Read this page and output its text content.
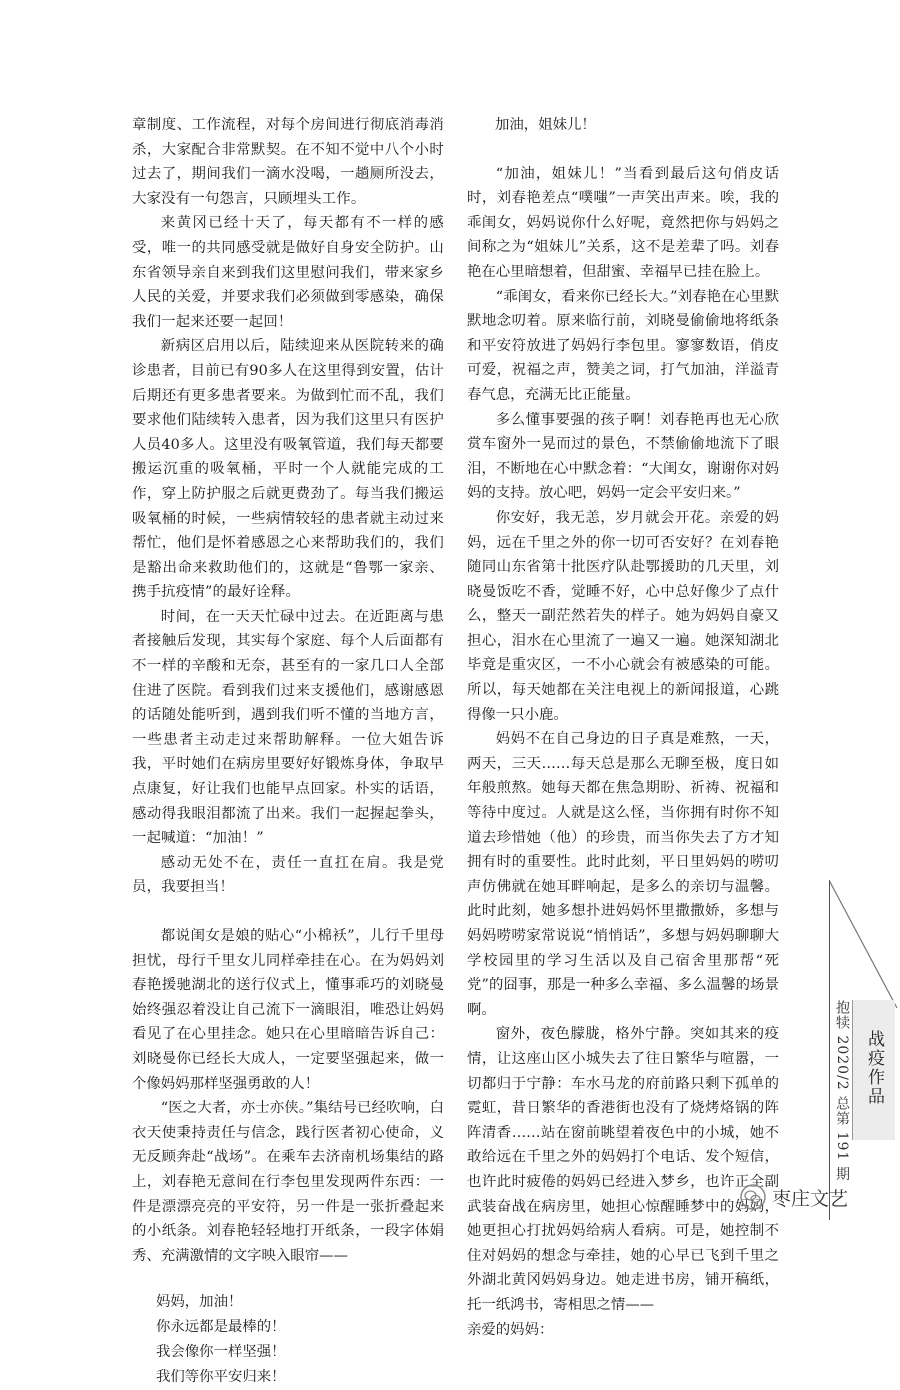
章制度、工作流程，对每个房间进行彻底消毒消杀，大家配合非常默契。在不知不觉中八个小时过去了，期间我们一滴水没喝，一趟厕所没去，大家没有一句怨言，只顾埋头工作。

来黄冈已经十天了，每天都有不一样的感受，唯一的共同感受就是做好自身安全防护。山东省领导亲自来到我们这里慰问我们，带来家乡人民的关爱，并要求我们必须做到零感染，确保我们一起来还要一起回！

新病区启用以后，陆续迎来从医院转来的确诊患者，目前已有90多人在这里得到安置，估计后期还有更多患者要来。为做到忙而不乱，我们要求他们陆续转入患者，因为我们这里只有医护人员40多人。这里没有吸氧管道，我们每天都要搬运沉重的吸氧桶，平时一个人就能完成的工作，穿上防护服之后就更费劲了。每当我们搬运吸氧桶的时候，一些病情较轻的患者就主动过来帮忙，他们是怀着感恩之心来帮助我们的，我们是豁出命来救助他们的，这就是“鲁鄂一家亲、携手抗疫情”的最好诠释。

时间，在一天天忙碌中过去。在近距离与患者接触后发现，其实每个家庭、每个人后面都有不一样的辛酸和无奈，甚至有的一家几口人全部住进了医院。看到我们过来支援他们，感谢感恩的话随处能听到，遇到我们听不懂的当地方言，一些患者主动走过来帮助解释。一位大姐告诉我，平时她们在病房里要好好锻炼身体，争取早点康复，好让我们也能早点回家。朴实的话语，感动得我眼泪都流了出来。我们一起握起拳头，一起喊道：“加油！”

感动无处不在，责任一直扛在肩。我是党员，我要担当！

都说闺女是娘的贴心“小棉袄”，儿行千里母担忧，母行千里女儿同样牵挂在心。在为妈妈刘春艳援驰湖北的送行仪式上，懂事乖巧的刘晓曼始终强忍着没让自己流下一滴眼泪，唯恐让妈妈看见了在心里挂念。她只在心里暗暗告诉自己：刘晓曼你已经长大成人，一定要坚强起来，做一个像妈妈那样坚强勇敢的人！

“医之大者，亦士亦侠。”集结号已经吹响，白衣天使秉持责任与信念，践行医者初心使命，义无反顾奔赴“战场”。在乘车去济南机场集结的路上，刘春艳无意间在行李包里发现两件东西：一件是漂漂亮亮的平安符，另一件是一张折叠起来的小纸条。刘春艳轻轻地打开纸条，一段字体娟秀、充满激情的文字映入眼帘——

妈妈，加油！
你永远都是最棒的！
我会像你一样坚强！
我们等你平安归来！

加油，姐妹儿！

“加油，姐妹儿！”当看到最后这句俏皮话时，刘春艳差点“噗嗤”一声笑出声来。唉，我的乖闺女，妈妈说你什么好呢，竟然把你与妈妈之间称之为“姐妹儿”关系，这不是差辈了吗。刘春艳在心里暗想着，但甜蜜、幸福早已挂在脸上。

“乖闺女，看来你已经长大。”刘春艳在心里默默地念叨着。原来临行前，刘晓曼偷偷地将纸条和平安符放进了妈妈行李包里。寥寥数语，俏皮可爱，祝福之声，赞美之词，打气加油，洋溢青春气息，充满无比正能量。

多么懂事要强的孩子啊！刘春艳再也无心欣赏车窗外一晃而过的景色，不禁偷偷地流下了眼泪，不断地在心中默念着：“大闺女，谢谢你对妈妈的支持。放心吧，妈妈一定会平安归来。”

你安好，我无恙，岁月就会开花。亲爱的妈妈，远在千里之外的你一切可否安好？在刘春艳随同山东省第十批医疗队赴鄂援助的几天里，刘晓曼饭吃不香，觉睡不好，心中总好像少了点什么，整天一副茫然若失的样子。她为妈妈自豪又担心，泪水在心里流了一遍又一遍。她深知湖北毕竟是重灾区，一不小心就会有被感染的可能。所以，每天她都在关注电视上的新闻报道，心跳得像一只小鹿。

妈妈不在自己身边的日子真是难熬，一天，两天，三天……每天总是那么无聊至极，度日如年般煎熬。她每天都在焦急期盼、祈祷、祝福和等待中度过。人就是这么怪，当你拥有时你不知道去珍惜她（他）的珍贵，而当你失去了方才知拥有时的重要性。此时此刻，平日里妈妈的唠叨声仿佛就在她耳畔响起，是多么的亲切与温馨。此时此刻，她多想扑进妈妈怀里撒撒娇，多想与妈妈唠唠家常说说“悄悄话”，多想与妈妈聊聊大学校园里的学习生活以及自己宿舍里那帮“死党”的囧事，那是一种多么幸福、多么温馨的场景啊。

窗外，夜色朦胧，格外宁静。突如其来的疫情，让这座山区小城失去了往日繁华与喧嚣，一切都归于宁静：车水马龙的府前路只剩下孤单的霓虹，昔日繁华的香港街也没有了烧烤烙锅的阵阵清香……站在窗前眺望着夜色中的小城，她不敢给远在千里之外的妈妈打个电话、发个短信，也许此时疲倦的妈妈已经进入梦乡，也许正全副武装奋战在病房里，她担心惊醒睡梦中的妈妈，她更担心打扰妈妈给病人看病。可是，她控制不住对妈妈的想念与牵挂，她的心早已飞到千里之外湖北黄冈妈妈身边。她走进书房，铺开稿纸，托一纸鸿书，寄相思之情——

亲爱的妈妈：

抱犊 2020/2 总第 191 期 战疫作品
枣庄文艺
